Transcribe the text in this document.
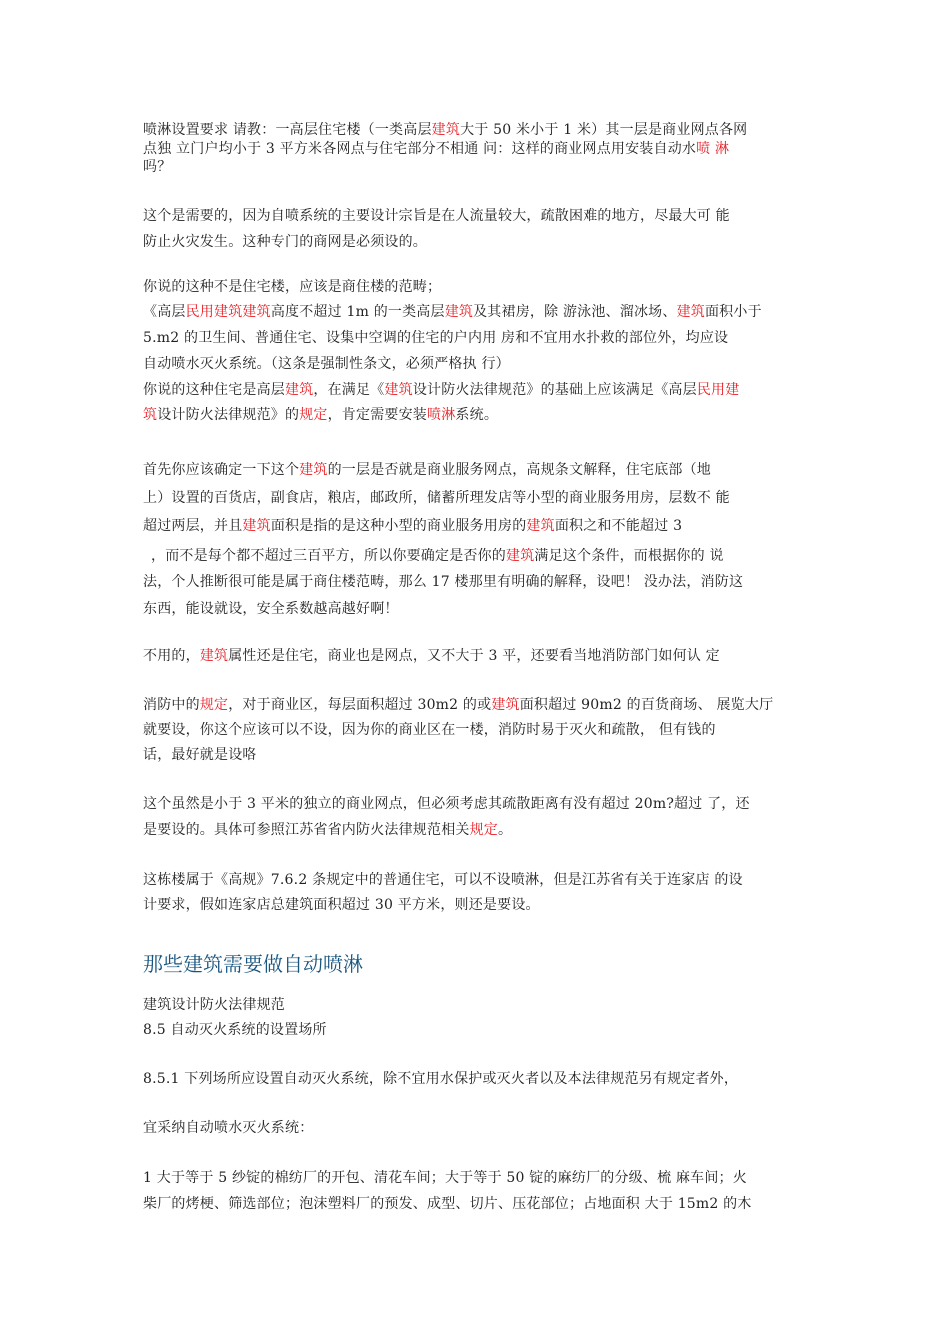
喷淋设置要求 请教：一高层住宅楼（一类高层建筑大于 50 米小于 1 米）其一层是商业网点各网
点独 立门户均小于 3 平方米各网点与住宅部分不相通 问：这样的商业网点用安装自动水喷 淋
吗？
这个是需要的，因为自喷系统的主要设计宗旨是在人流量较大，疏散困难的地方，尽最大可 能
防止火灾发生。这种专门的商网是必须设的。
你说的这种不是住宅楼，应该是商住楼的范畴；
《高层民用建筑建筑高度不超过 1m 的一类高层建筑及其裙房，除 游泳池、溜冰场、建筑面积小于
5.m2 的卫生间、普通住宅、设集中空调的住宅的户内用 房和不宜用水扑救的部位外，均应设
自动喷水灭火系统。（这条是强制性条文，必须严格执 行）
你说的这种住宅是高层建筑，在满足《建筑设计防火法律规范》的基础上应该满足《高层民用建
筑设计防火法律规范》的规定，肯定需要安装喷淋系统。
首先你应该确定一下这个建筑的一层是否就是商业服务网点，高规条文解释，住宅底部（地
上）设置的百货店，副食店，粮店，邮政所，储蓄所理发店等小型的商业服务用房，层数不 能
超过两层，并且建筑面积是指的是这种小型的商业服务用房的建筑面积之和不能超过 3
，而不是每个都不超过三百平方，所以你要确定是否你的建筑满足这个条件，而根据你的 说
法，个人推断很可能是属于商住楼范畴，那么 17 楼那里有明确的解释，设吧！ 没办法，消防这
东西，能设就设，安全系数越高越好啊！
不用的，建筑属性还是住宅，商业也是网点，又不大于 3 平，还要看当地消防部门如何认 定
消防中的规定，对于商业区，每层面积超过 30m2 的或建筑面积超过 90m2 的百货商场、 展览大厅
就要设，你这个应该可以不设，因为你的商业区在一楼，消防时易于灭火和疏散， 但有钱的
话，最好就是设咯
这个虽然是小于 3 平米的独立的商业网点，但必须考虑其疏散距离有没有超过 20m?超过 了，还
是要设的。具体可参照江苏省省内防火法律规范相关规定。
这栋楼属于《高规》7.6.2 条规定中的普通住宅，可以不设喷淋，但是江苏省有关于连家店 的设
计要求，假如连家店总建筑面积超过 30 平方米，则还是要设。
那些建筑需要做自动喷淋
建筑设计防火法律规范
8.5 自动灭火系统的设置场所
8.5.1 下列场所应设置自动灭火系统，除不宜用水保护或灭火者以及本法律规范另有规定者外，
宜采纳自动喷水灭火系统：
1 大于等于 5 纱锭的棉纺厂的开包、清花车间；大于等于 50 锭的麻纺厂的分级、梳 麻车间；火
柴厂的烤梗、筛选部位；泡沫塑料厂的预发、成型、切片、压花部位；占地面积 大于 15m2 的木
